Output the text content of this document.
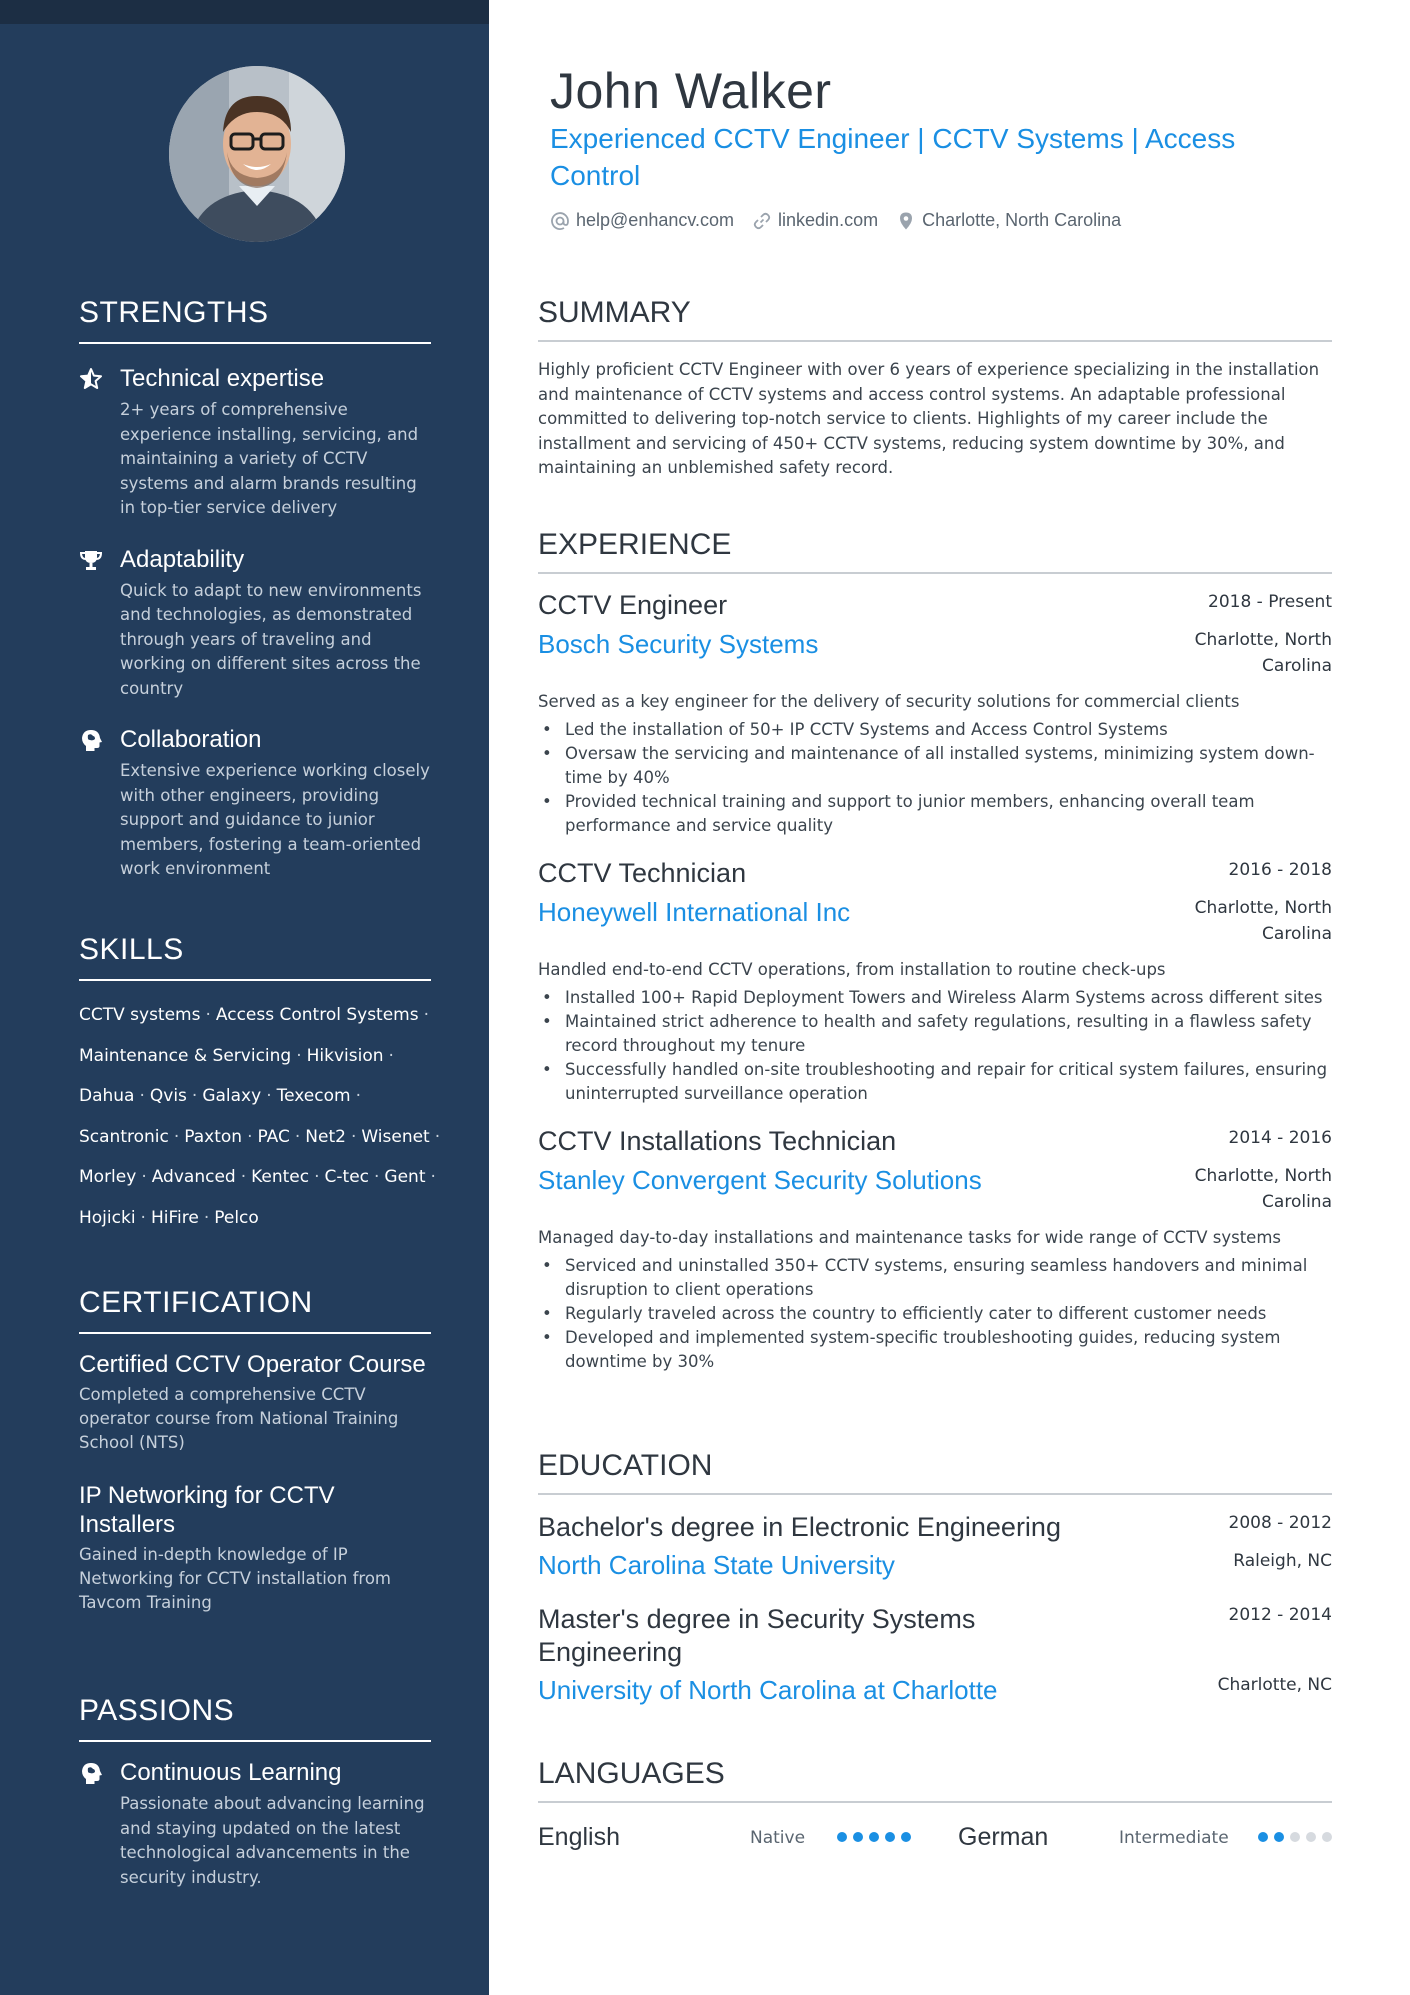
STRENGTHS
Technical expertise
2+ years of comprehensive experience installing, servicing, and maintaining a variety of CCTV systems and alarm brands resulting in top-tier service delivery
Adaptability
Quick to adapt to new environments and technologies, as demonstrated through years of traveling and working on different sites across the country
Collaboration
Extensive experience working closely with other engineers, providing support and guidance to junior members, fostering a team-oriented work environment
SKILLS
CCTV systems · Access Control Systems ·
Maintenance & Servicing · Hikvision ·
Dahua · Qvis · Galaxy · Texecom ·
Scantronic · Paxton · PAC · Net2 · Wisenet ·
Morley · Advanced · Kentec · C-tec · Gent ·
Hojicki · HiFire · Pelco
CERTIFICATION
Certified CCTV Operator Course
Completed a comprehensive CCTV operator course from National Training School (NTS)
IP Networking for CCTV Installers
Gained in-depth knowledge of IP Networking for CCTV installation from Tavcom Training
PASSIONS
Continuous Learning
Passionate about advancing learning and staying updated on the latest technological advancements in the security industry.
John Walker
Experienced CCTV Engineer | CCTV Systems | Access Control
help@enhancv.com linkedin.com Charlotte, North Carolina
SUMMARY
Highly proficient CCTV Engineer with over 6 years of experience specializing in the installation and maintenance of CCTV systems and access control systems. An adaptable professional committed to delivering top-notch service to clients. Highlights of my career include the installment and servicing of 450+ CCTV systems, reducing system downtime by 30%, and maintaining an unblemished safety record.
EXPERIENCE
CCTV Engineer
Bosch Security Systems
2018 - Present
Charlotte, North Carolina
Served as a key engineer for the delivery of security solutions for commercial clients
• Led the installation of 50+ IP CCTV Systems and Access Control Systems
• Oversaw the servicing and maintenance of all installed systems, minimizing system down-time by 40%
• Provided technical training and support to junior members, enhancing overall team performance and service quality
CCTV Technician
Honeywell International Inc
2016 - 2018
Charlotte, North Carolina
Handled end-to-end CCTV operations, from installation to routine check-ups
• Installed 100+ Rapid Deployment Towers and Wireless Alarm Systems across different sites
• Maintained strict adherence to health and safety regulations, resulting in a flawless safety record throughout my tenure
• Successfully handled on-site troubleshooting and repair for critical system failures, ensuring uninterrupted surveillance operation
CCTV Installations Technician
Stanley Convergent Security Solutions
2014 - 2016
Charlotte, North Carolina
Managed day-to-day installations and maintenance tasks for wide range of CCTV systems
• Serviced and uninstalled 350+ CCTV systems, ensuring seamless handovers and minimal disruption to client operations
• Regularly traveled across the country to efficiently cater to different customer needs
• Developed and implemented system-specific troubleshooting guides, reducing system downtime by 30%
EDUCATION
Bachelor's degree in Electronic Engineering
North Carolina State University
2008 - 2012
Raleigh, NC
Master's degree in Security Systems Engineering
University of North Carolina at Charlotte
2012 - 2014
Charlotte, NC
LANGUAGES
English	Native	German	Intermediate
